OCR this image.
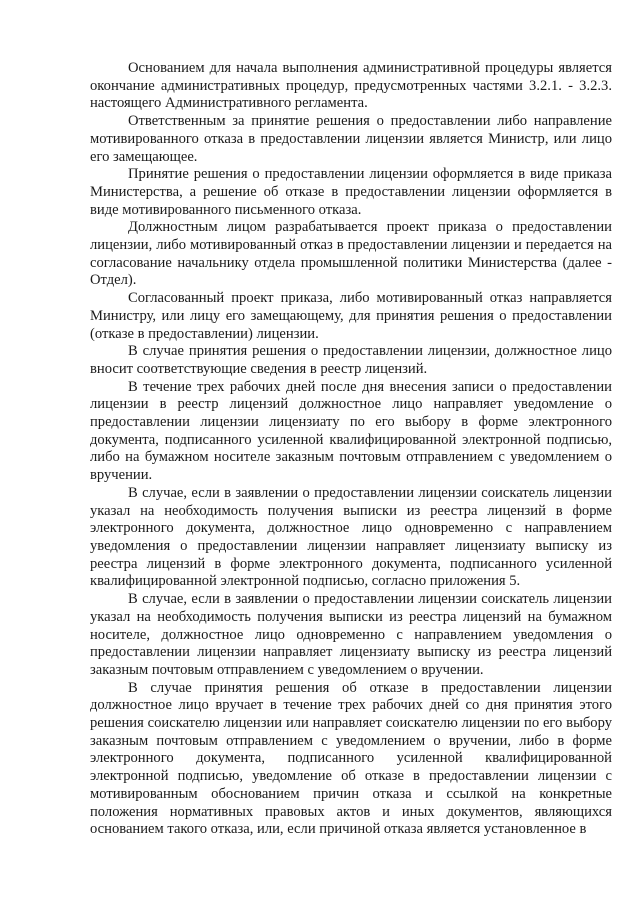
Основанием для начала выполнения административной процедуры является окончание административных процедур, предусмотренных частями 3.2.1. - 3.2.3. настоящего Административного регламента.

Ответственным за принятие решения о предоставлении либо направление мотивированного отказа в предоставлении лицензии является Министр, или лицо его замещающее.

Принятие решения о предоставлении лицензии оформляется в виде приказа Министерства, а решение об отказе в предоставлении лицензии оформляется в виде мотивированного письменного отказа.

Должностным лицом разрабатывается проект приказа о предоставлении лицензии, либо мотивированный отказ в предоставлении лицензии и передается на согласование начальнику отдела промышленной политики Министерства (далее - Отдел).

Согласованный проект приказа, либо мотивированный отказ направляется Министру, или лицу его замещающему, для принятия решения о предоставлении (отказе в предоставлении) лицензии.

В случае принятия решения о предоставлении лицензии, должностное лицо вносит соответствующие сведения в реестр лицензий.

В течение трех рабочих дней после дня внесения записи о предоставлении лицензии в реестр лицензий должностное лицо направляет уведомление о предоставлении лицензии лицензиату по его выбору в форме электронного документа, подписанного усиленной квалифицированной электронной подписью, либо на бумажном носителе заказным почтовым отправлением с уведомлением о вручении.

В случае, если в заявлении о предоставлении лицензии соискатель лицензии указал на необходимость получения выписки из реестра лицензий в форме электронного документа, должностное лицо одновременно с направлением уведомления о предоставлении лицензии направляет лицензиату выписку из реестра лицензий в форме электронного документа, подписанного усиленной квалифицированной электронной подписью, согласно приложения 5.

В случае, если в заявлении о предоставлении лицензии соискатель лицензии указал на необходимость получения выписки из реестра лицензий на бумажном носителе, должностное лицо одновременно с направлением уведомления о предоставлении лицензии направляет лицензиату выписку из реестра лицензий заказным почтовым отправлением с уведомлением о вручении.

В случае принятия решения об отказе в предоставлении лицензии должностное лицо вручает в течение трех рабочих дней со дня принятия этого решения соискателю лицензии или направляет соискателю лицензии по его выбору заказным почтовым отправлением с уведомлением о вручении, либо в форме электронного документа, подписанного усиленной квалифицированной электронной подписью, уведомление об отказе в предоставлении лицензии с мотивированным обоснованием причин отказа и ссылкой на конкретные положения нормативных правовых актов и иных документов, являющихся основанием такого отказа, или, если причиной отказа является установленное в
